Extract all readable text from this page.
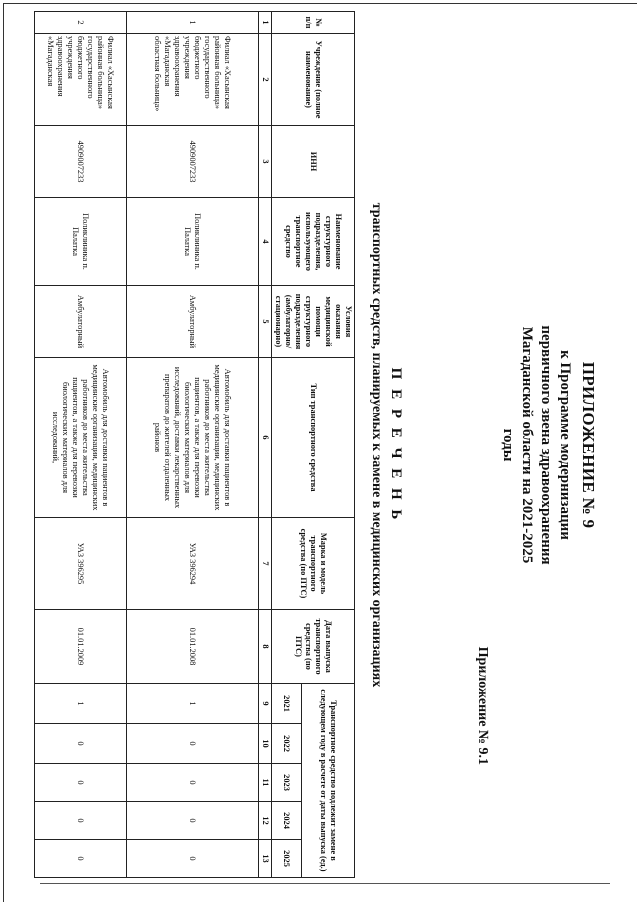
ПРИЛОЖЕНИЕ № 9
к Программе модернизации
первичного звена здравоохранения
Магаданской области на 2021-2025
годы
Приложение № 9.1
П Е Р Е Ч Е Н Ь
транспортных средств, планируемых к замене в медицинских организациях
№ п/п	Учреждение (полное наименование)	ИНН	Наименование структурного подразделения, использующего транспортное средство	Условия оказания медицинской помощи структурного подразделения (амбулаторно/ стационарно)	Тип транспортного средства	Марка и модель транспортного средства (по ПТС)	Дата выпуска транспортного средства (по ПТС)	Транспортное средство подлежит замене в следующем году в расчете от даты выпуска (ед.)				
								2021	2022	2023	2024	2025
1	2	3	4	5	6	7	8	9	10	11	12	13
1	Филиал «Хасынская районная больница» государственного бюджетного учреждения здравоохранения «Магаданская областная больница»	4909007233	Поликлиника п. Палатка	Амбулаторный	Автомобиль для доставки пациентов в медицинские организации, медицинских работников до места жительства пациентов, а также для перевозки биологических материалов для исследований, доставки лекарственных препаратов до жителей отдаленных районов	УАЗ 396294	01.01.2008	1	0	0	0	0
2	Филиал «Хасынская районная больница» государственного бюджетного учреждения здравоохранения «Магаданская	4909007233	Поликлиника п. Палатка	Амбулаторный	Автомобиль для доставки пациентов в медицинские организации, медицинских работников до места жительства пациентов, а также для перевозки биологических материалов для исследований,	УАЗ 396295	01.01.2009	1	0	0	0	0
